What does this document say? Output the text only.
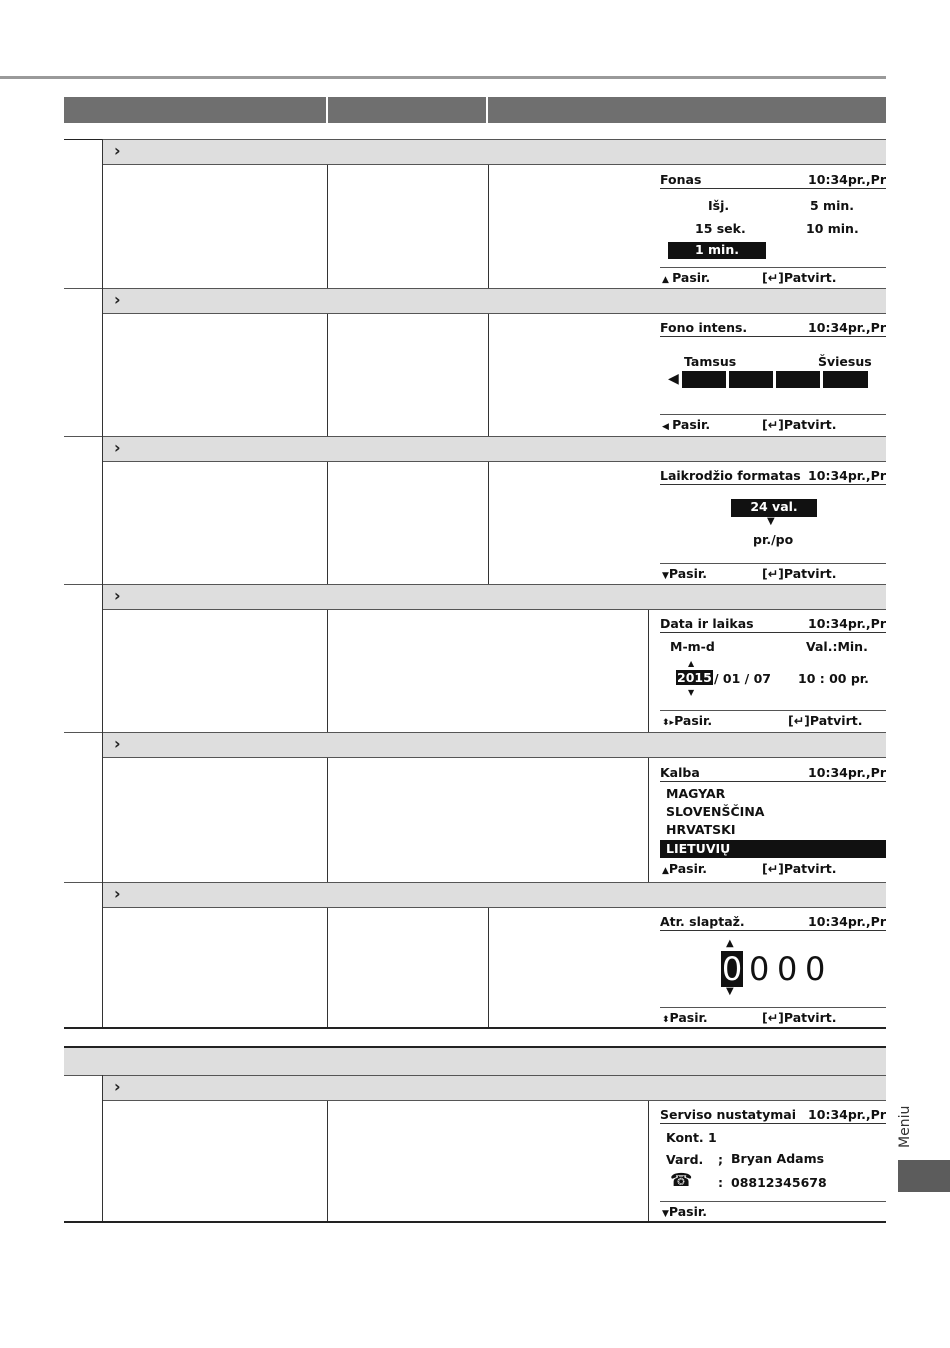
›
›
›
›
›
›
›
Meniu
Fonas	10:34pr.,Pr
Išj.	5 min.
15 sek.	10 min.
1 min.
▲ Pasir.	[↵]Patvirt.
Fono intens.	10:34pr.,Pr
Tamsus	Šviesus
◀
◀ Pasir.	[↵]Patvirt.
Laikrodžio formatas 10:34pr.,Pr
24 val.
▼
pr./po
▼Pasir.	[↵]Patvirt.
Data ir laikas	10:34pr.,Pr
M-m-d	Val.:Min.
▲
2015 / 01 / 07 10 : 00 pr.
▼
⬍▸Pasir.	[↵]Patvirt.
Kalba	10:34pr.,Pr
MAGYAR
SLOVENŠČINA
HRVATSKI
LIETUVIŲ
▲Pasir.	[↵]Patvirt.
Atr. slaptaž.	10:34pr.,Pr
▲
0 0 0 0
▼
⬍Pasir.	[↵]Patvirt.
Serviso nustatymai 10:34pr.,Pr
Kont. 1
Vard. ; Bryan Adams
☎ : 08812345678
▼Pasir.
